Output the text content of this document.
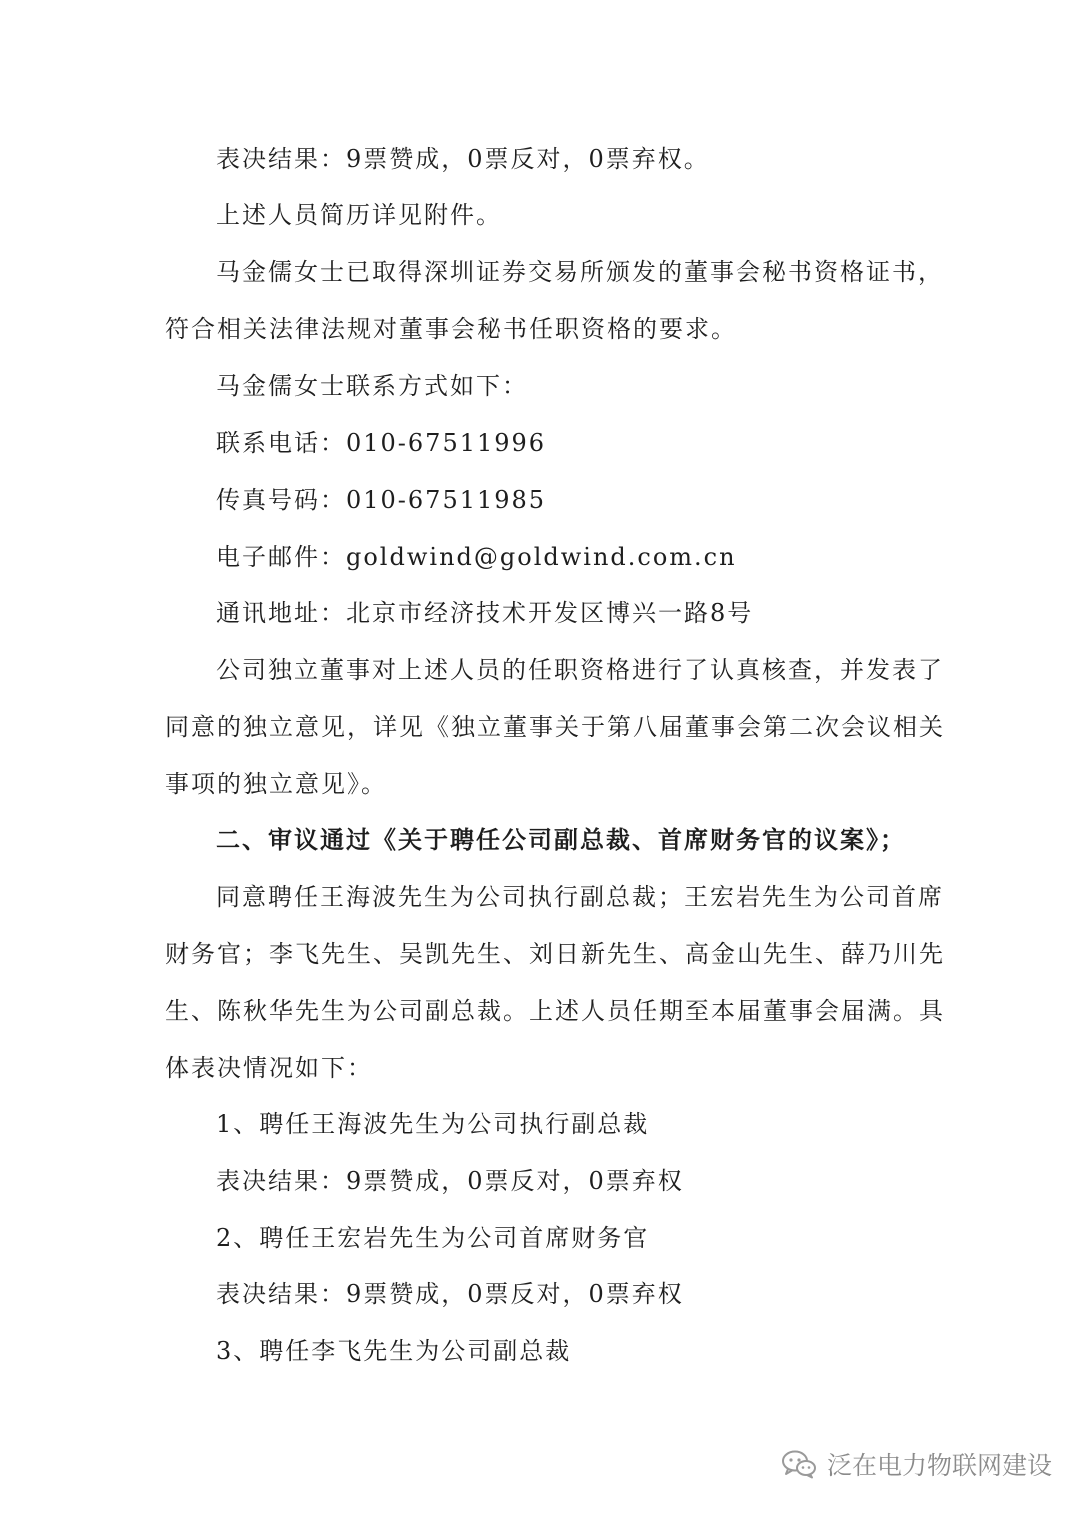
表决结果：9票赞成，0票反对，0票弃权。
上述人员简历详见附件。
马金儒女士已取得深圳证券交易所颁发的董事会秘书资格证书，
符合相关法律法规对董事会秘书任职资格的要求。
马金儒女士联系方式如下：
联系电话：010-67511996
传真号码：010-67511985
电子邮件：goldwind@goldwind.com.cn
通讯地址：北京市经济技术开发区博兴一路8号
公司独立董事对上述人员的任职资格进行了认真核查，并发表了
同意的独立意见，详见《独立董事关于第八届董事会第二次会议相关
事项的独立意见》。
二、审议通过《关于聘任公司副总裁、首席财务官的议案》；
同意聘任王海波先生为公司执行副总裁；王宏岩先生为公司首席
财务官；李飞先生、吴凯先生、刘日新先生、高金山先生、薛乃川先
生、陈秋华先生为公司副总裁。上述人员任期至本届董事会届满。具
体表决情况如下：
1、聘任王海波先生为公司执行副总裁
表决结果：9票赞成，0票反对，0票弃权
2、聘任王宏岩先生为公司首席财务官
表决结果：9票赞成，0票反对，0票弃权
3、聘任李飞先生为公司副总裁
泛在电力物联网建设
